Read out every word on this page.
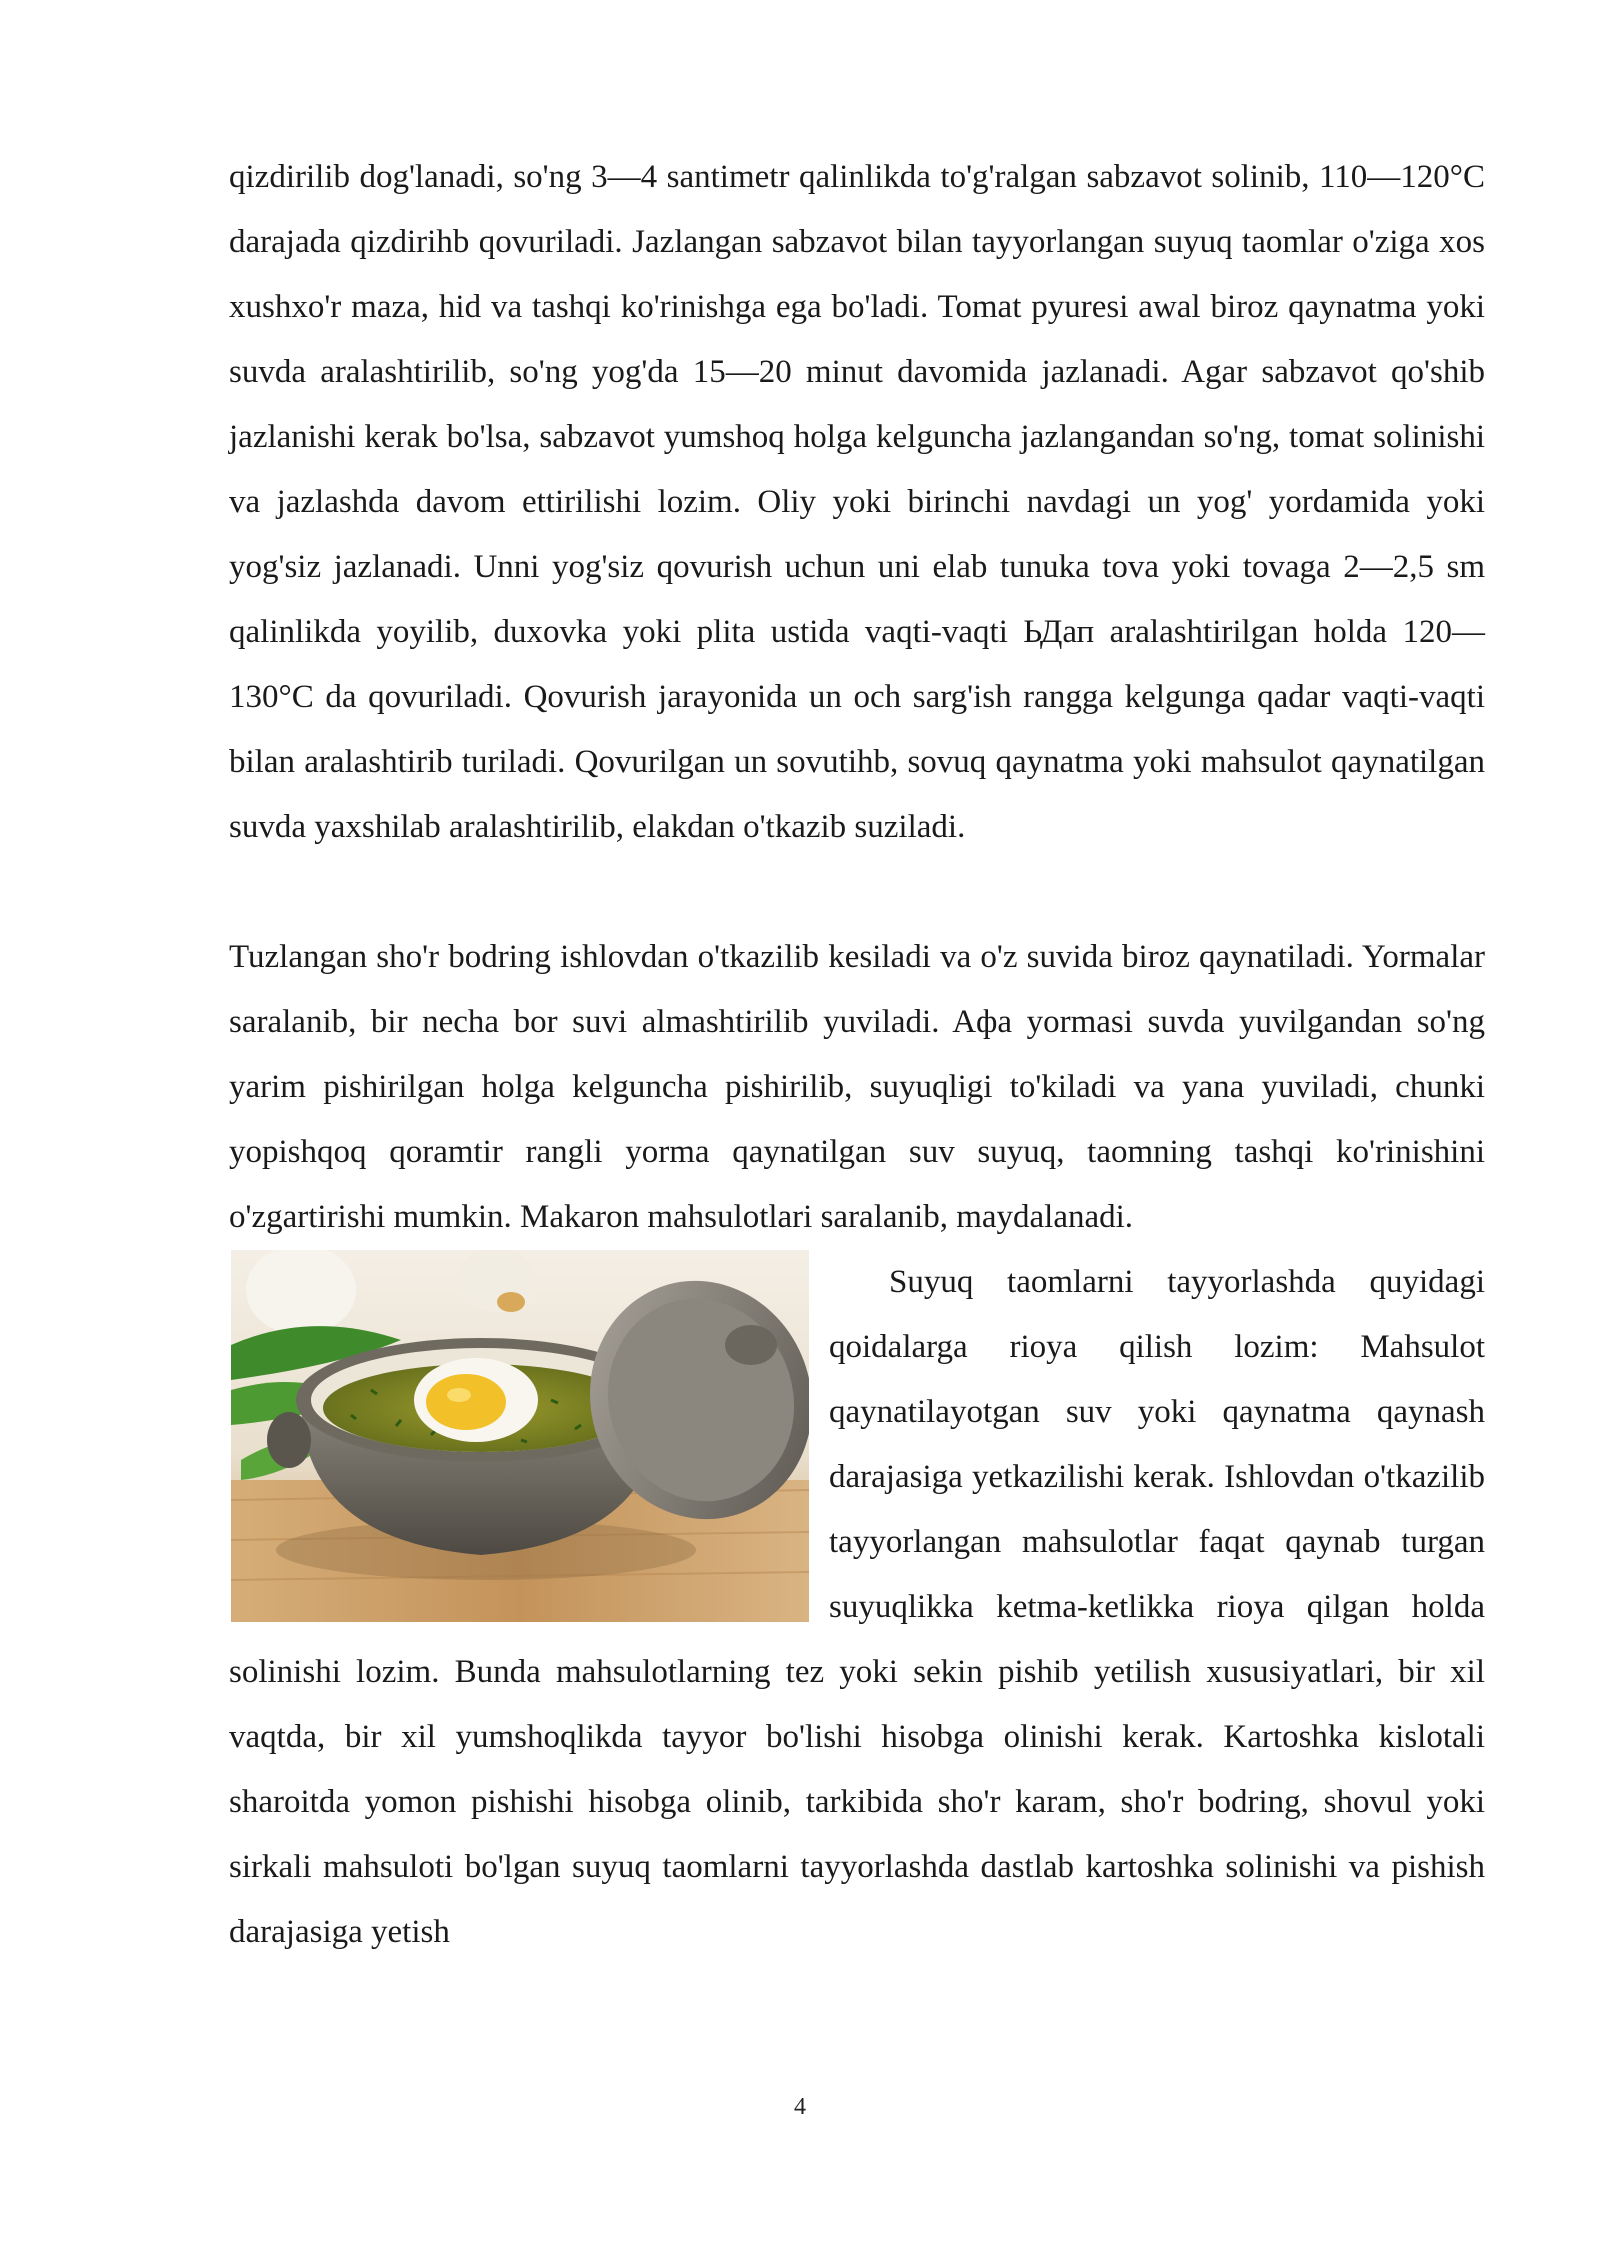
qizdirilib dog'lanadi, so'ng 3—4 santimetr qalinlikda to'g'ralgan sabzavot solinib, 110—120°C darajada qizdirihb qovuriladi. Jazlangan sabzavot bilan tayyorlangan suyuq taomlar o'ziga xos xushxo'r maza, hid va tashqi ko'rinishga ega bo'ladi. Tomat pyuresi awal biroz qaynatma yoki suvda aralashtirilib, so'ng yog'da 15—20 minut davomida jazlanadi. Agar sabzavot qo'shib jazlanishi kerak bo'lsa, sabzavot yumshoq holga kelguncha jazlangandan so'ng, tomat solinishi va jazlashda davom ettirilishi lozim. Oliy yoki birinchi navdagi un yog' yordamida yoki yog'siz jazlanadi. Unni yog'siz qovurish uchun uni elab tunuka tova yoki tovaga 2—2,5 sm qalinlikda yoyilib, duxovka yoki plita ustida vaqti-vaqti ЬДап aralashtirilgan holda 120—130°C da qovuriladi. Qovurish jarayonida un och sarg'ish rangga kelgunga qadar vaqti-vaqti bilan aralashtirib turiladi. Qovurilgan un sovutihb, sovuq qaynatma yoki mahsulot qaynatilgan suvda yaxshilab aralashtirilib, elakdan o'tkazib suziladi.

Tuzlangan sho'r bodring ishlovdan o'tkazilib kesiladi va o'z suvida biroz qaynatiladi. Yormalar saralanib, bir necha bor suvi almashtirilib yuviladi. Aфa yormasi suvda yuvilgandan so'ng yarim pishirilgan holga kelguncha pishirilib, suyuqligi to'kiladi va yana yuviladi, chunki yopishqoq qoramtir rangli yorma qaynatilgan suv suyuq, taomning tashqi ko'rinishini o'zgartirishi mumkin. Makaron mahsulotlari saralanib, maydalanadi.

Suyuq taomlarni tayyorlashda quyidagi qoidalarga rioya qilish lozim: Mahsulot qaynatilayotgan suv yoki qaynatma qaynash darajasiga yetkazilishi kerak. Ishlovdan o'tkazilib tayyorlangan mahsulotlar faqat qaynab turgan suyuqlikka ketma-ketlikka rioya qilgan holda solinishi lozim. Bunda mahsulotlarning tez yoki sekin pishib yetilish xususiyatlari, bir xil vaqtda, bir xil yumshoqlikda tayyor bo'lishi hisobga olinishi kerak. Kartoshka kislotali sharoitda yomon pishishi hisobga olinib, tarkibida sho'r karam, sho'r bodring, shovul yoki sirkali mahsuloti bo'lgan suyuq taomlarni tayyorlashda dastlab kartoshka solinishi va pishish darajasiga yetish

4
